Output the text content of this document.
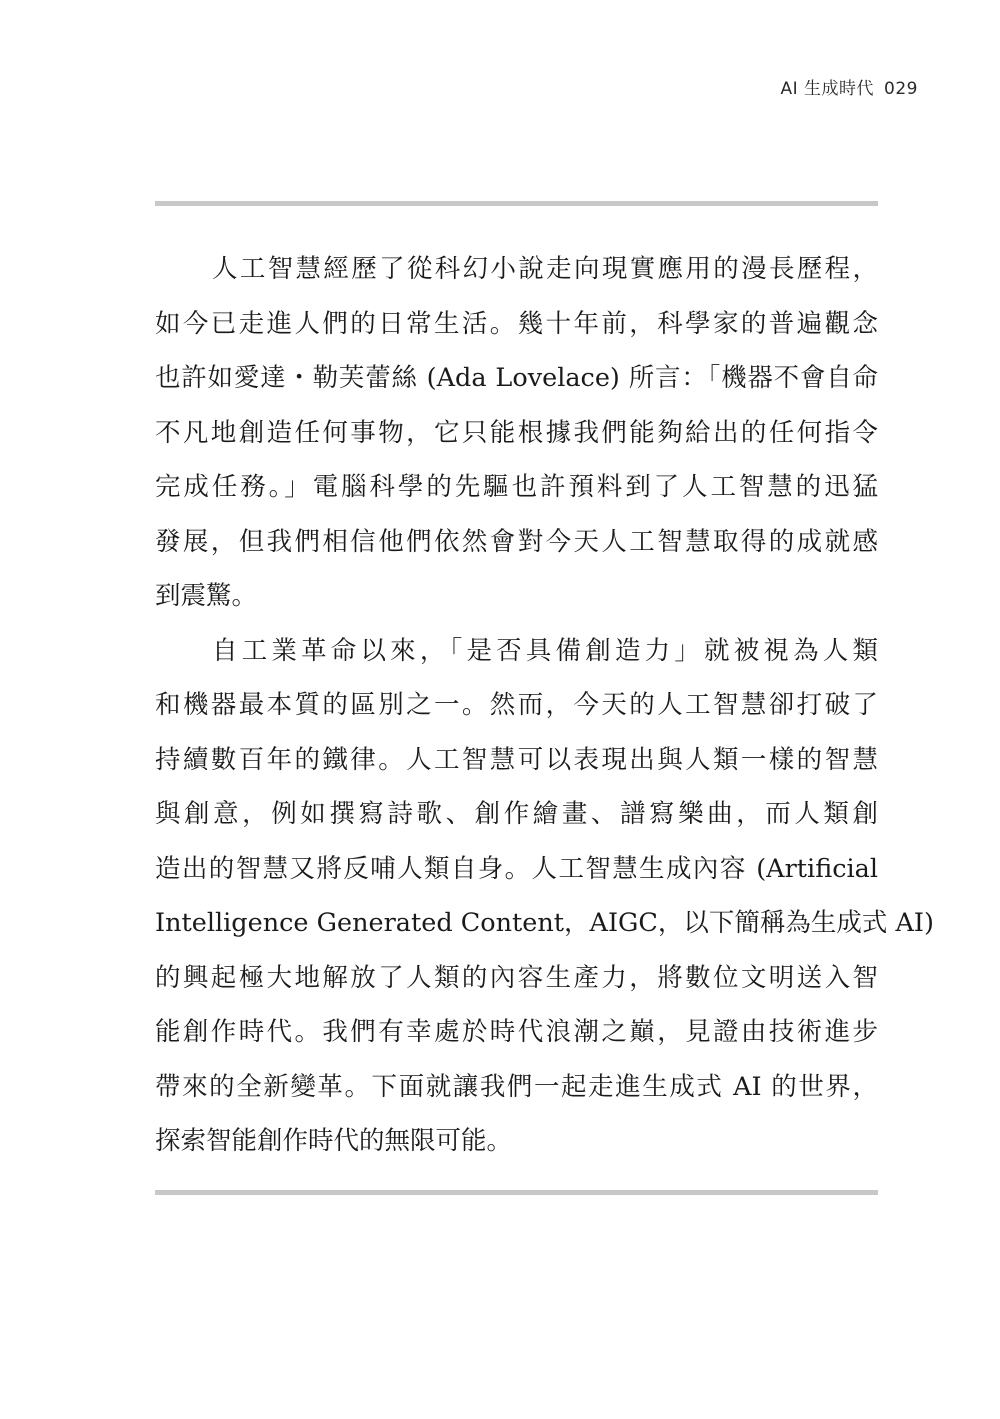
AI 生成時代 029
人工智慧經歷了從科幻小說走向現實應用的漫長歷程，
如今已走進人們的日常生活。幾十年前，科學家的普遍觀念
也許如愛達・勒芙蕾絲 (Ada Lovelace) 所言：「機器不會自命
不凡地創造任何事物，它只能根據我們能夠給出的任何指令
完成任務。」電腦科學的先驅也許預料到了人工智慧的迅猛
發展，但我們相信他們依然會對今天人工智慧取得的成就感
到震驚。
自工業革命以來，「是否具備創造力」就被視為人類
和機器最本質的區別之一。然而，今天的人工智慧卻打破了
持續數百年的鐵律。人工智慧可以表現出與人類一樣的智慧
與創意，例如撰寫詩歌、創作繪畫、譜寫樂曲，而人類創
造出的智慧又將反哺人類自身。人工智慧生成內容 (Artificial
Intelligence Generated Content，AIGC，以下簡稱為生成式 AI)
的興起極大地解放了人類的內容生產力，將數位文明送入智
能創作時代。我們有幸處於時代浪潮之巔，見證由技術進步
帶來的全新變革。下面就讓我們一起走進生成式 AI 的世界，
探索智能創作時代的無限可能。
